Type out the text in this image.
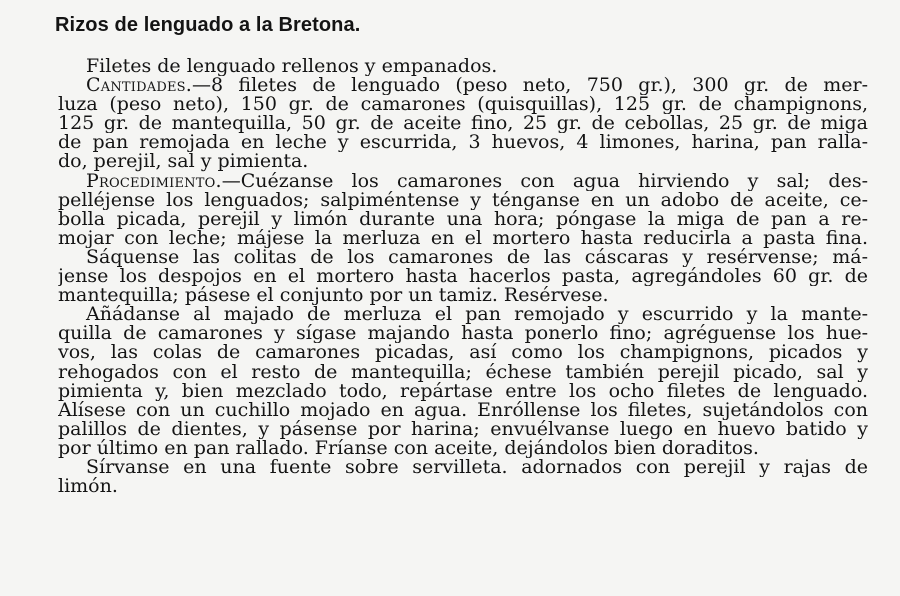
Rizos de lenguado a la Bretona.
Filetes de lenguado rellenos y empanados.
Cantidades.—8 filetes de lenguado (peso neto, 750 gr.), 300 gr. de mer-
luza (peso neto), 150 gr. de camarones (quisquillas), 125 gr. de champignons,
125 gr. de mantequilla, 50 gr. de aceite fino, 25 gr. de cebollas, 25 gr. de miga
de pan remojada en leche y escurrida, 3 huevos, 4 limones, harina, pan ralla-
do, perejil, sal y pimienta.
Procedimiento.—Cuézanse los camarones con agua hirviendo y sal; des-
pelléjense los lenguados; salpiméntense y ténganse en un adobo de aceite, ce-
bolla picada, perejil y limón durante una hora; póngase la miga de pan a re-
mojar con leche; májese la merluza en el mortero hasta reducirla a pasta fina.
Sáquense las colitas de los camarones de las cáscaras y resérvense; má-
jense los despojos en el mortero hasta hacerlos pasta, agregándoles 60 gr. de
mantequilla; pásese el conjunto por un tamiz. Resérvese.
Añádanse al majado de merluza el pan remojado y escurrido y la mante-
quilla de camarones y sígase majando hasta ponerlo fino; agréguense los hue-
vos, las colas de camarones picadas, así como los champignons, picados y
rehogados con el resto de mantequilla; échese también perejil picado, sal y
pimienta y, bien mezclado todo, repártase entre los ocho filetes de lenguado.
Alísese con un cuchillo mojado en agua. Enróllense los filetes, sujetándolos con
palillos de dientes, y pásense por harina; envuélvanse luego en huevo batido y
por último en pan rallado. Fríanse con aceite, dejándolos bien doraditos.
Sírvanse en una fuente sobre servilleta. adornados con perejil y rajas de
limón.
